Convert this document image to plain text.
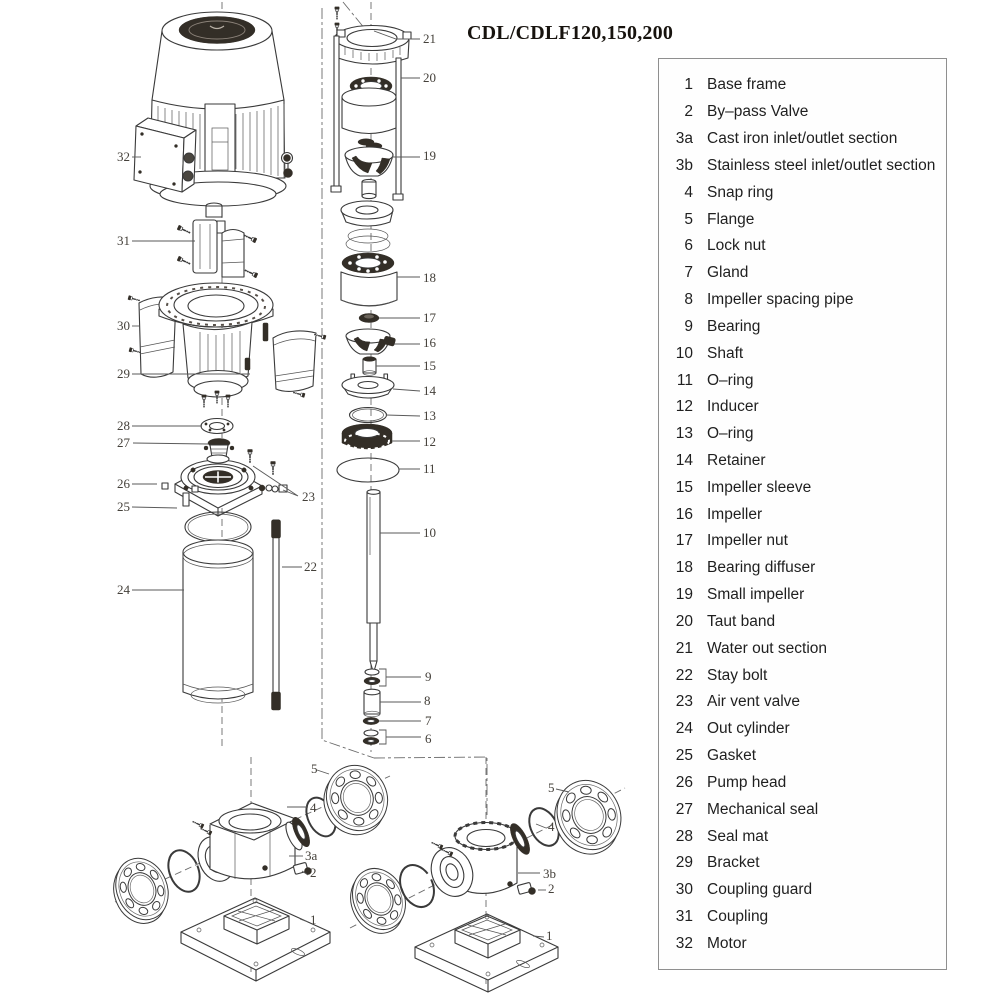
CDL/CDLF120,150,200
1 Base frame
2 By–pass Valve
3a Cast iron inlet/outlet section
3b Stainless steel inlet/outlet section
4 Snap ring
5 Flange
6 Lock nut
7 Gland
8 Impeller spacing pipe
9 Bearing
10 Shaft
11 O–ring
12 Inducer
13 O–ring
14 Retainer
15 Impeller sleeve
16 Impeller
17 Impeller nut
18 Bearing diffuser
19 Small impeller
20 Taut band
21 Water out section
22 Stay bolt
23 Air vent valve
24 Out cylinder
25 Gasket
26 Pump head
27 Mechanical seal
28 Seal mat
29 Bracket
30 Coupling guard
31 Coupling
32 Motor
32
31
30
29
28
27
26
25
24
23
22
21
20
19
18
17
16
15
14
13
12
11
10
9
8
7
6
5
4
3a
2
1
5
4
3b
2
1
